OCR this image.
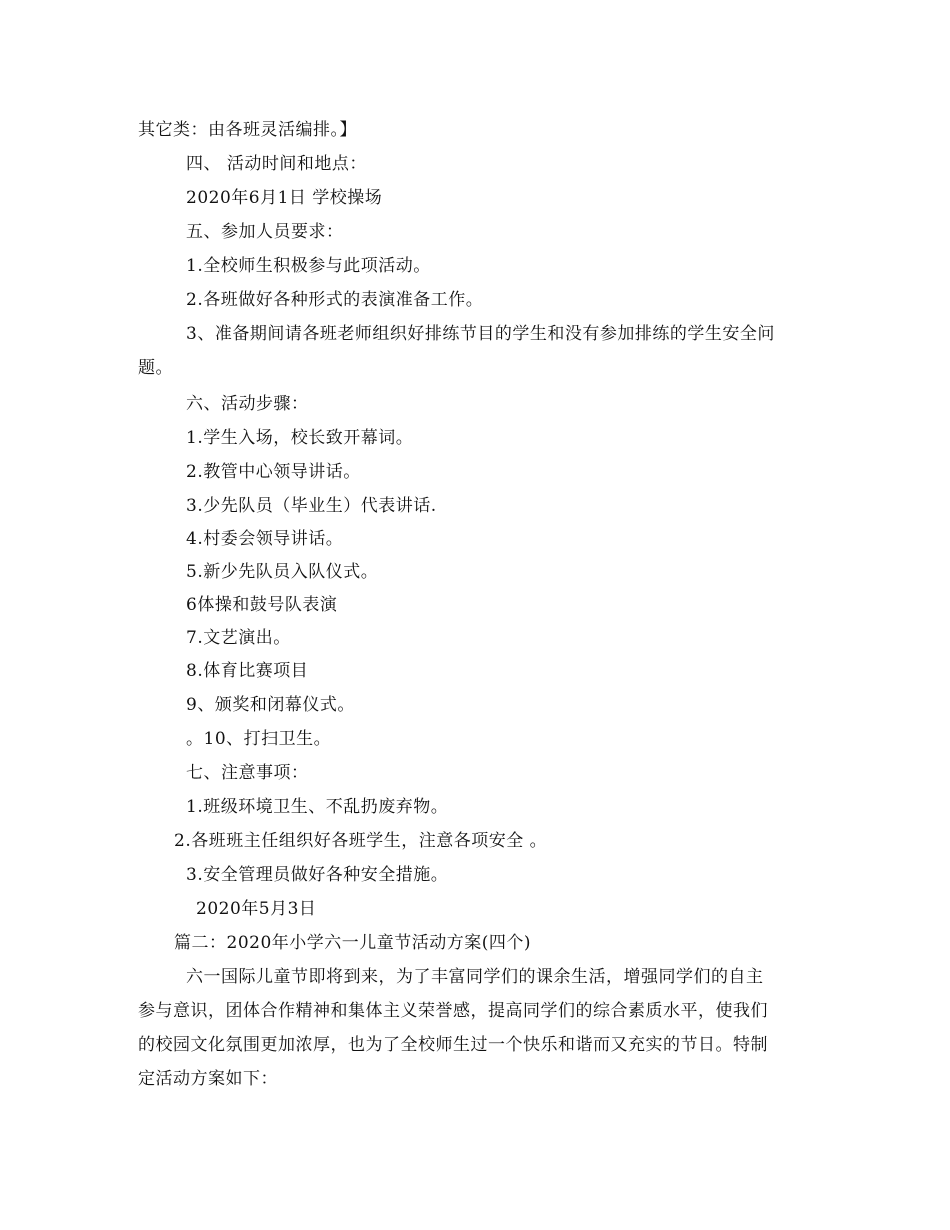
其它类：由各班灵活编排。】
四、 活动时间和地点：
2020年6月1日 学校操场
五、参加人员要求：
1.全校师生积极参与此项活动。
2.各班做好各种形式的表演准备工作。
3、准备期间请各班老师组织好排练节目的学生和没有参加排练的学生安全问
题。
六、活动步骤：
1.学生入场，校长致开幕词。
2.教管中心领导讲话。
3.少先队员（毕业生）代表讲话.
4.村委会领导讲话。
5.新少先队员入队仪式。
6体操和鼓号队表演
7.文艺演出。
8.体育比赛项目
9、颁奖和闭幕仪式。
。10、打扫卫生。
七、注意事项：
1.班级环境卫生、不乱扔废弃物。
2.各班班主任组织好各班学生，注意各项安全 。
3.安全管理员做好各种安全措施。
2020年5月3日
篇二：2020年小学六一儿童节活动方案(四个)
六一国际儿童节即将到来，为了丰富同学们的课余生活，增强同学们的自主
参与意识，团体合作精神和集体主义荣誉感，提高同学们的综合素质水平，使我们
的校园文化氛围更加浓厚，也为了全校师生过一个快乐和谐而又充实的节日。特制
定活动方案如下：
